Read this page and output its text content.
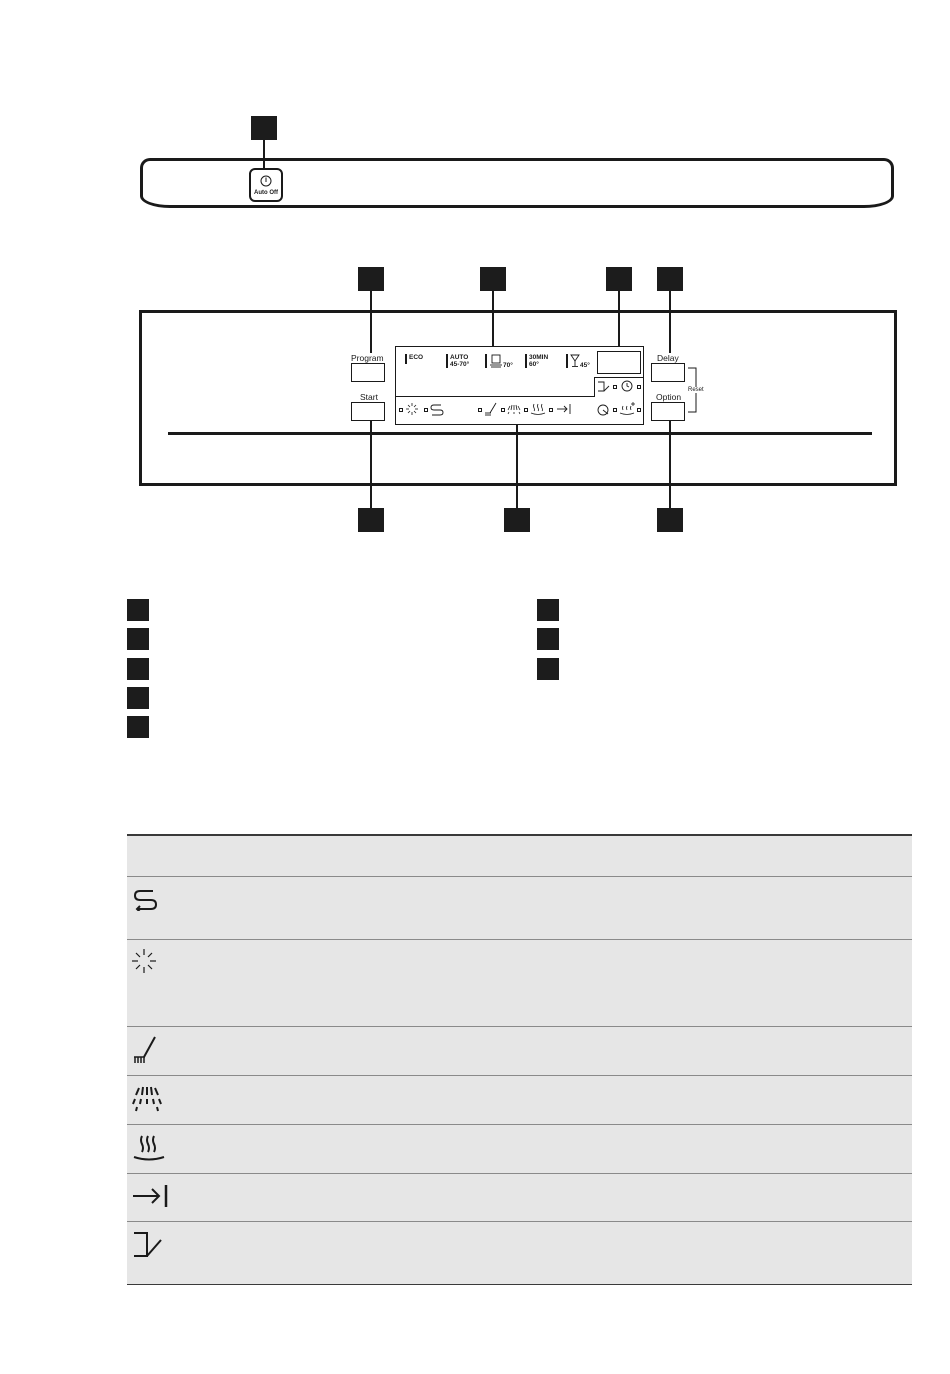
Auto Off
Program
Start
Delay
Option
Reset
ECO	AUTO
45-70°	70°
30MIN
60°	45°
